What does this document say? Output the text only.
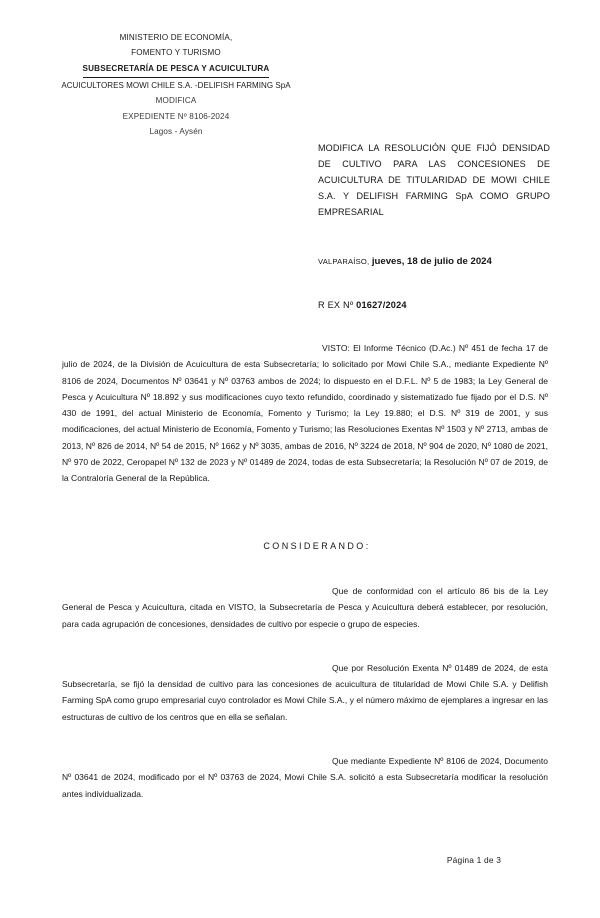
MINISTERIO DE ECONOMÍA,
FOMENTO Y TURISMO
SUBSECRETARÍA DE PESCA Y ACUICULTURA
ACUICULTORES MOWI CHILE S.A. -DELIFISH FARMING SpA
MODIFICA
EXPEDIENTE Nº 8106-2024
Lagos - Aysén
MODIFICA LA RESOLUCIÓN QUE FIJÓ DENSIDAD DE CULTIVO PARA LAS CONCESIONES DE ACUICULTURA DE TITULARIDAD DE MOWI CHILE S.A. Y DELIFISH FARMING SpA COMO GRUPO EMPRESARIAL
VALPARAÍSO, jueves, 18 de julio de 2024
R EX Nº 01627/2024

VISTO: El Informe Técnico (D.Ac.) Nº 451 de fecha 17 de julio de 2024, de la División de Acuicultura de esta Subsecretaría; lo solicitado por Mowi Chile S.A., mediante Expediente Nº 8106 de 2024, Documentos Nº 03641 y Nº 03763 ambos de 2024; lo dispuesto en el D.F.L. Nº 5 de 1983; la Ley General de Pesca y Acuicultura Nº 18.892 y sus modificaciones cuyo texto refundido, coordinado y sistematizado fue fijado por el D.S. Nº 430 de 1991, del actual Ministerio de Economía, Fomento y Turismo; la Ley 19.880; el D.S. Nº 319 de 2001, y sus modificaciones, del actual Ministerio de Economía, Fomento y Turismo; las Resoluciones Exentas Nº 1503 y Nº 2713, ambas de 2013, Nº 826 de 2014, Nº 54 de 2015, Nº 1662 y Nº 3035, ambas de 2016, Nº 3224 de 2018, Nº 904 de 2020, Nº 1080 de 2021, Nº 970 de 2022, Ceropapel Nº 132 de 2023 y Nº 01489 de 2024, todas de esta Subsecretaría; la Resolución Nº 07 de 2019, de la Contraloría General de la República.

CONSIDERANDO:

Que de conformidad con el artículo 86 bis de la Ley General de Pesca y Acuicultura, citada en VISTO, la Subsecretaría de Pesca y Acuicultura deberá establecer, por resolución, para cada agrupación de concesiones, densidades de cultivo por especie o grupo de especies.

Que por Resolución Exenta Nº 01489 de 2024, de esta Subsecretaría, se fijó la densidad de cultivo para las concesiones de acuicultura de titularidad de Mowi Chile S.A. y Delifish Farming SpA como grupo empresarial cuyo controlador es Mowi Chile S.A., y el número máximo de ejemplares a ingresar en las estructuras de cultivo de los centros que en ella se señalan.

Que mediante Expediente Nº 8106 de 2024, Documento Nº 03641 de 2024, modificado por el Nº 03763 de 2024, Mowi Chile S.A. solicitó a esta Subsecretaría modificar la resolución antes individualizada.

Página 1 de 3
